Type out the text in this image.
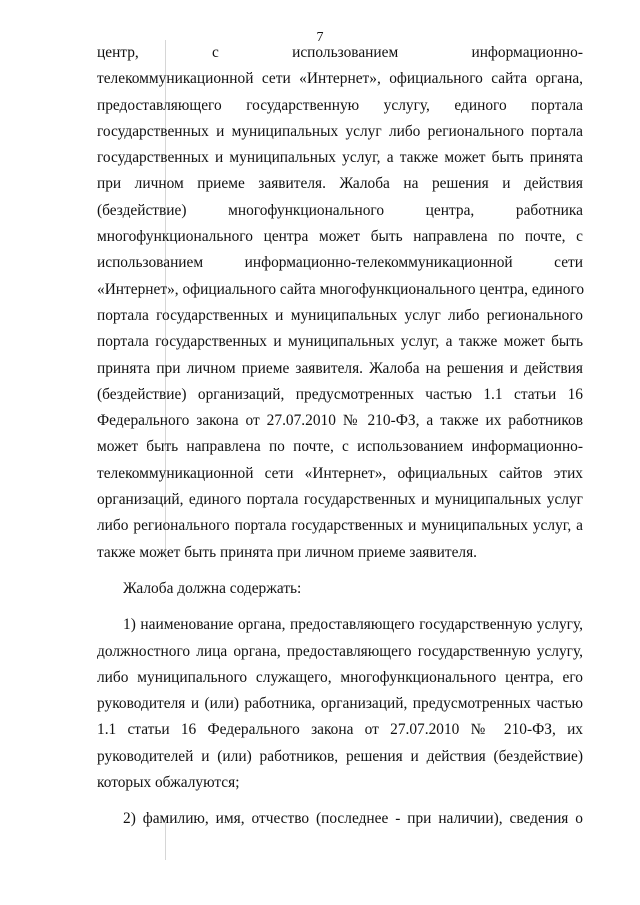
7
центр, с использованием информационно-
телекоммуникационной сети «Интернет», официального сайта органа,
предоставляющего государственную услугу, единого портала
государственных и муниципальных услуг либо регионального портала
государственных и муниципальных услуг, а также может быть принята
при личном приеме заявителя. Жалоба на решения и действия
(бездействие) многофункционального центра, работника
многофункционального центра может быть направлена по почте, с
использованием информационно-телекоммуникационной сети
«Интернет», официального сайта многофункционального центра, единого
портала государственных и муниципальных услуг либо регионального
портала государственных и муниципальных услуг, а также может быть
принята при личном приеме заявителя. Жалоба на решения и действия
(бездействие) организаций, предусмотренных частью 1.1 статьи 16
Федерального закона от 27.07.2010 № 210-ФЗ, а также их работников
может быть направлена по почте, с использованием информационно-
телекоммуникационной сети «Интернет», официальных сайтов этих
организаций, единого портала государственных и муниципальных услуг
либо регионального портала государственных и муниципальных услуг, а
также может быть принята при личном приеме заявителя.
Жалоба должна содержать:
1) наименование органа, предоставляющего государственную услугу,
должностного лица органа, предоставляющего государственную услугу,
либо муниципального служащего, многофункционального центра, его
руководителя и (или) работника, организаций, предусмотренных частью
1.1 статьи 16 Федерального закона от 27.07.2010 № 210-ФЗ, их
руководителей и (или) работников, решения и действия (бездействие)
которых обжалуются;
2) фамилию, имя, отчество (последнее - при наличии), сведения о
